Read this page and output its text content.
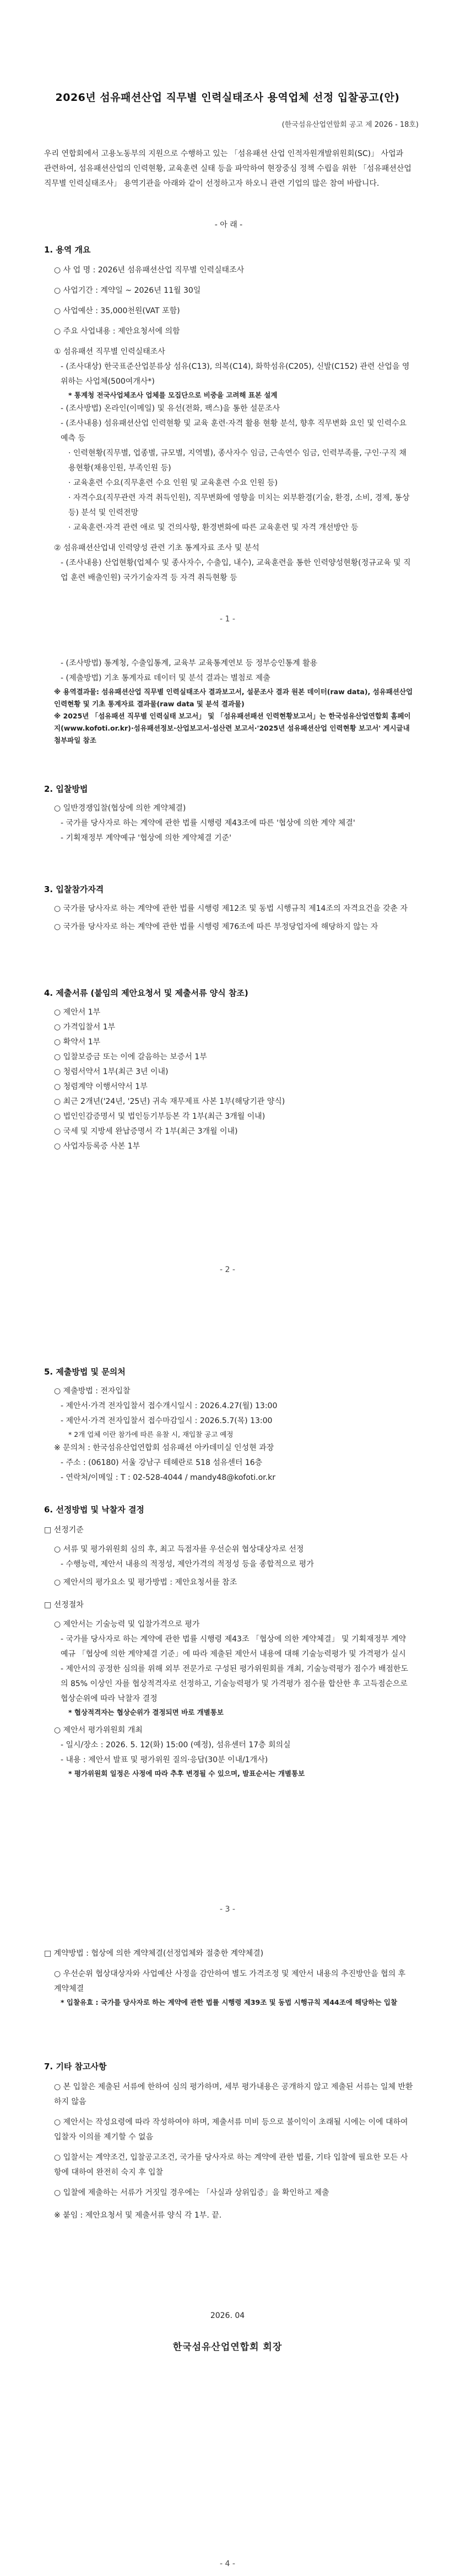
2026년 섬유패션산업 직무별 인력실태조사 용역업체 선정 입찰공고(안)
(한국섬유산업연합회 공고 제 2026 - 18호)
우리 연합회에서 고용노동부의 지원으로 수행하고 있는 「섬유패션 산업 인적자원개발위원회(SC)」 사업과 관련하여, 섬유패션산업의 인력현황, 교육훈련 실태 등을 파악하여 현장중심 정책 수립을 위한 「섬유패션산업 직무별 인력실태조사」 용역기관을 아래와 같이 선정하고자 하오니 관련 기업의 많은 참여 바랍니다.
- 아 래 -
1. 용역 개요
○ 사 업 명 : 2026년 섬유패션산업 직무별 인력실태조사
○ 사업기간 : 계약일 ~ 2026년 11월 30일
○ 사업예산 : 35,000천원(VAT 포함)
○ 주요 사업내용 : 제안요청서에 의함
① 섬유패션 직무별 인력실태조사
- (조사대상) 한국표준산업분류상 섬유(C13), 의복(C14), 화학섬유(C205), 신발(C152) 관련 산업을 영위하는 사업체(500여개사*)
* 통계청 전국사업체조사 업체를 모집단으로 비중을 고려해 표본 설계
- (조사방법) 온라인(이메일) 및 유선(전화, 팩스)을 통한 설문조사
- (조사내용) 섬유패션산업 인력현황 및 교육 훈련·자격 활용 현황 분석, 향후 직무변화 요인 및 인력수요 예측 등
· 인력현황(직무별, 업종별, 규모별, 지역별), 종사자수 임금, 근속연수 임금, 인력부족률, 구인·구직 채용현황(채용인원, 부족인원 등)
· 교육훈련 수요(직무훈련 수요 인원 및 교육훈련 수요 인원 등)
· 자격수요(직무관련 자격 취득인원), 직무변화에 영향을 미치는 외부환경(기술, 환경, 소비, 경제, 통상 등) 분석 및 인력전망
· 교육훈련·자격 관련 애로 및 건의사항, 환경변화에 따른 교육훈련 및 자격 개선방안 등
② 섬유패션산업내 인력양성 관련 기초 통계자료 조사 및 분석
- (조사내용) 산업현황(업체수 및 종사자수, 수출입, 내수), 교육훈련을 통한 인력양성현황(정규교육 및 직업 훈련 배출인원) 국가기술자격 등 자격 취득현황 등
- 1 -
- (조사방법) 통계청, 수출입통계, 교육부 교육통계연보 등 정부승인통계 활용
- (제출방법) 기초 통계자료 데이터 및 분석 결과는 별첨로 제출
※ 용역결과물: 섬유패션산업 직무별 인력실태조사 결과보고서, 설문조사 결과 원본 데이터(raw data), 섬유패션산업 인력현황 및 기초 통계자료 결과물(raw data 및 분석 결과물)
※ 2025년 「섬유패션 직무별 인력실태 보고서」 및 「섬유패션패션 인력현황보고서」는 한국섬유산업연합회 홈페이지(www.kofoti.or.kr)·섬유패션정보·산업보고서·섬산련 보고서·'2025년 섬유패션산업 인력현황 보고서' 게시글내 첨부파일 참조
2. 입찰방법
○ 일반경쟁입찰(협상에 의한 계약체결)
- 국가를 당사자로 하는 계약에 관한 법률 시행령 제43조에 따른 '협상에 의한 계약 체결'
- 기획재정부 계약예규 '협상에 의한 계약체결 기준'
3. 입찰참가자격
○ 국가를 당사자로 하는 계약에 관한 법률 시행령 제12조 및 동법 시행규칙 제14조의 자격요건을 갖춘 자
○ 국가를 당사자로 하는 계약에 관한 법률 시행령 제76조에 따른 부정당업자에 해당하지 않는 자
4. 제출서류 (붙임의 제안요청서 및 제출서류 양식 참조)
○ 제안서 1부
○ 가격입찰서 1부
○ 확약서 1부
○ 입찰보증금 또는 이에 갈음하는 보증서 1부
○ 청렴서약서 1부(최근 3년 이내)
○ 청렴계약 이행서약서 1부
○ 최근 2개년('24년, '25년) 귀속 재무제표 사본 1부(해당기관 양식)
○ 법인인감증명서 및 법인등기부등본 각 1부(최근 3개월 이내)
○ 국세 및 지방세 완납증명서 각 1부(최근 3개월 이내)
○ 사업자등록증 사본 1부
- 2 -
5. 제출방법 및 문의처
○ 제출방법 : 전자입찰
- 제안서·가격 전자입찰서 접수개시일시 : 2026.4.27(월) 13:00
- 제안서·가격 전자입찰서 접수마감일시 : 2026.5.7(목) 13:00
* 2개 업체 이란 참가에 따른 유찰 시, 재입찰 공고 예정
※ 문의처 : 한국섬유산업연합회 섬유패션 아카데미실 인성현 과장
- 주소 : (06180) 서울 강남구 테헤란로 518 섬유센터 16층
- 연락처/이메일 : T : 02-528-4044 / mandy48@kofoti.or.kr
6. 선정방법 및 낙찰자 결정
□ 선정기준
○ 서류 및 평가위원회 심의 후, 최고 득점자를 우선순위 협상대상자로 선정
- 수행능력, 제안서 내용의 적정성, 제안가격의 적정성 등을 종합적으로 평가
○ 제안서의 평가요소 및 평가방법 : 제안요청서를 참조
□ 선정절차
○ 제안서는 기술능력 및 입찰가격으로 평가
- 국가를 당사자로 하는 계약에 관한 법률 시행령 제43조 「협상에 의한 계약체결」 및 기획재정부 계약예규 「협상에 의한 계약체결 기준」에 따라 제출된 제안서 내용에 대해 기술능력평가 및 가격평가 실시
- 제안서의 공정한 심의를 위해 외부 전문가로 구성된 평가위원회를 개최, 기술능력평가 점수가 배점한도의 85% 이상인 자를 협상적격자로 선정하고, 기술능력평가 및 가격평가 점수를 합산한 후 고득점순으로 협상순위에 따라 낙찰자 결정
* 협상적격자는 협상순위가 결정되면 바로 개별통보
○ 제안서 평가위원회 개최
- 일시/장소 : 2026. 5. 12(화) 15:00 (예정), 섬유센터 17층 회의실
- 내용 : 제안서 발표 및 평가위원 질의·응답(30분 이내/1개사)
* 평가위원회 일정은 사정에 따라 추후 변경될 수 있으며, 발표순서는 개별통보
- 3 -
□ 계약방법 : 협상에 의한 계약체결(선정업체와 절충한 계약체결)
○ 우선순위 협상대상자와 사업예산 사정을 감안하여 별도 가격조정 및 제안서 내용의 추진방안을 협의 후 계약체결
* 입찰유효 : 국가를 당사자로 하는 계약에 관한 법률 시행령 제39조 및 동법 시행규칙 제44조에 해당하는 입찰
7. 기타 참고사항
○ 본 입찰은 제출된 서류에 한하여 심의 평가하며, 세부 평가내용은 공개하지 않고 제출된 서류는 일체 반환하지 않음
○ 제안서는 작성요령에 따라 작성하여야 하며, 제출서류 미비 등으로 불이익이 초래될 시에는 이에 대하여 입찰자 이의를 제기할 수 없음
○ 입찰서는 계약조건, 입찰공고조건, 국가를 당사자로 하는 계약에 관한 법률, 기타 입찰에 필요한 모든 사항에 대하여 완전히 숙지 후 입찰
○ 입찰에 제출하는 서류가 거짓일 경우에는 「사실과 상위입증」을 확인하고 제출
※ 붙임 : 제안요청서 및 제출서류 양식 각 1부. 끝.
2026. 04
한국섬유산업연합회 회장
- 4 -
